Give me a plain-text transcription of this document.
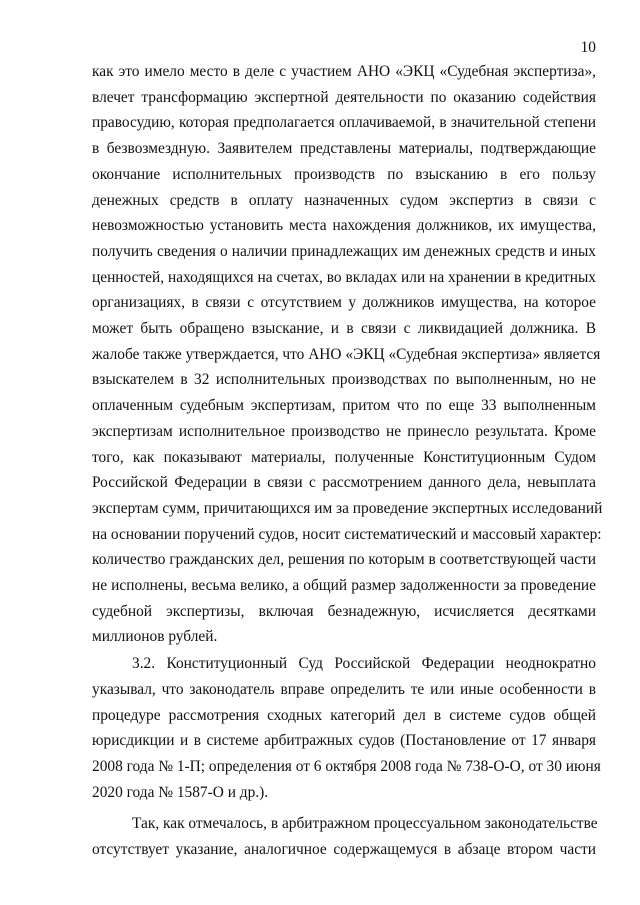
10
как это имело место в деле с участием АНО «ЭКЦ «Судебная экспертиза»,
влечет трансформацию экспертной деятельности по оказанию содействия
правосудию, которая предполагается оплачиваемой, в значительной степени
в безвозмездную. Заявителем представлены материалы, подтверждающие
окончание исполнительных производств по взысканию в его пользу
денежных средств в оплату назначенных судом экспертиз в связи с
невозможностью установить места нахождения должников, их имущества,
получить сведения о наличии принадлежащих им денежных средств и иных
ценностей, находящихся на счетах, во вкладах или на хранении в кредитных
организациях, в связи с отсутствием у должников имущества, на которое
может быть обращено взыскание, и в связи с ликвидацией должника. В
жалобе также утверждается, что АНО «ЭКЦ «Судебная экспертиза» является
взыскателем в 32 исполнительных производствах по выполненным, но не
оплаченным судебным экспертизам, притом что по еще 33 выполненным
экспертизам исполнительное производство не принесло результата. Кроме
того, как показывают материалы, полученные Конституционным Судом
Российской Федерации в связи с рассмотрением данного дела, невыплата
экспертам сумм, причитающихся им за проведение экспертных исследований
на основании поручений судов, носит систематический и массовый характер:
количество гражданских дел, решения по которым в соответствующей части
не исполнены, весьма велико, а общий размер задолженности за проведение
судебной экспертизы, включая безнадежную, исчисляется десятками
миллионов рублей.
3.2. Конституционный Суд Российской Федерации неоднократно
указывал, что законодатель вправе определить те или иные особенности в
процедуре рассмотрения сходных категорий дел в системе судов общей
юрисдикции и в системе арбитражных судов (Постановление от 17 января
2008 года № 1-П; определения от 6 октября 2008 года № 738-О-О, от 30 июня
2020 года № 1587-О и др.).
Так, как отмечалось, в арбитражном процессуальном законодательстве
отсутствует указание, аналогичное содержащемуся в абзаце втором части
